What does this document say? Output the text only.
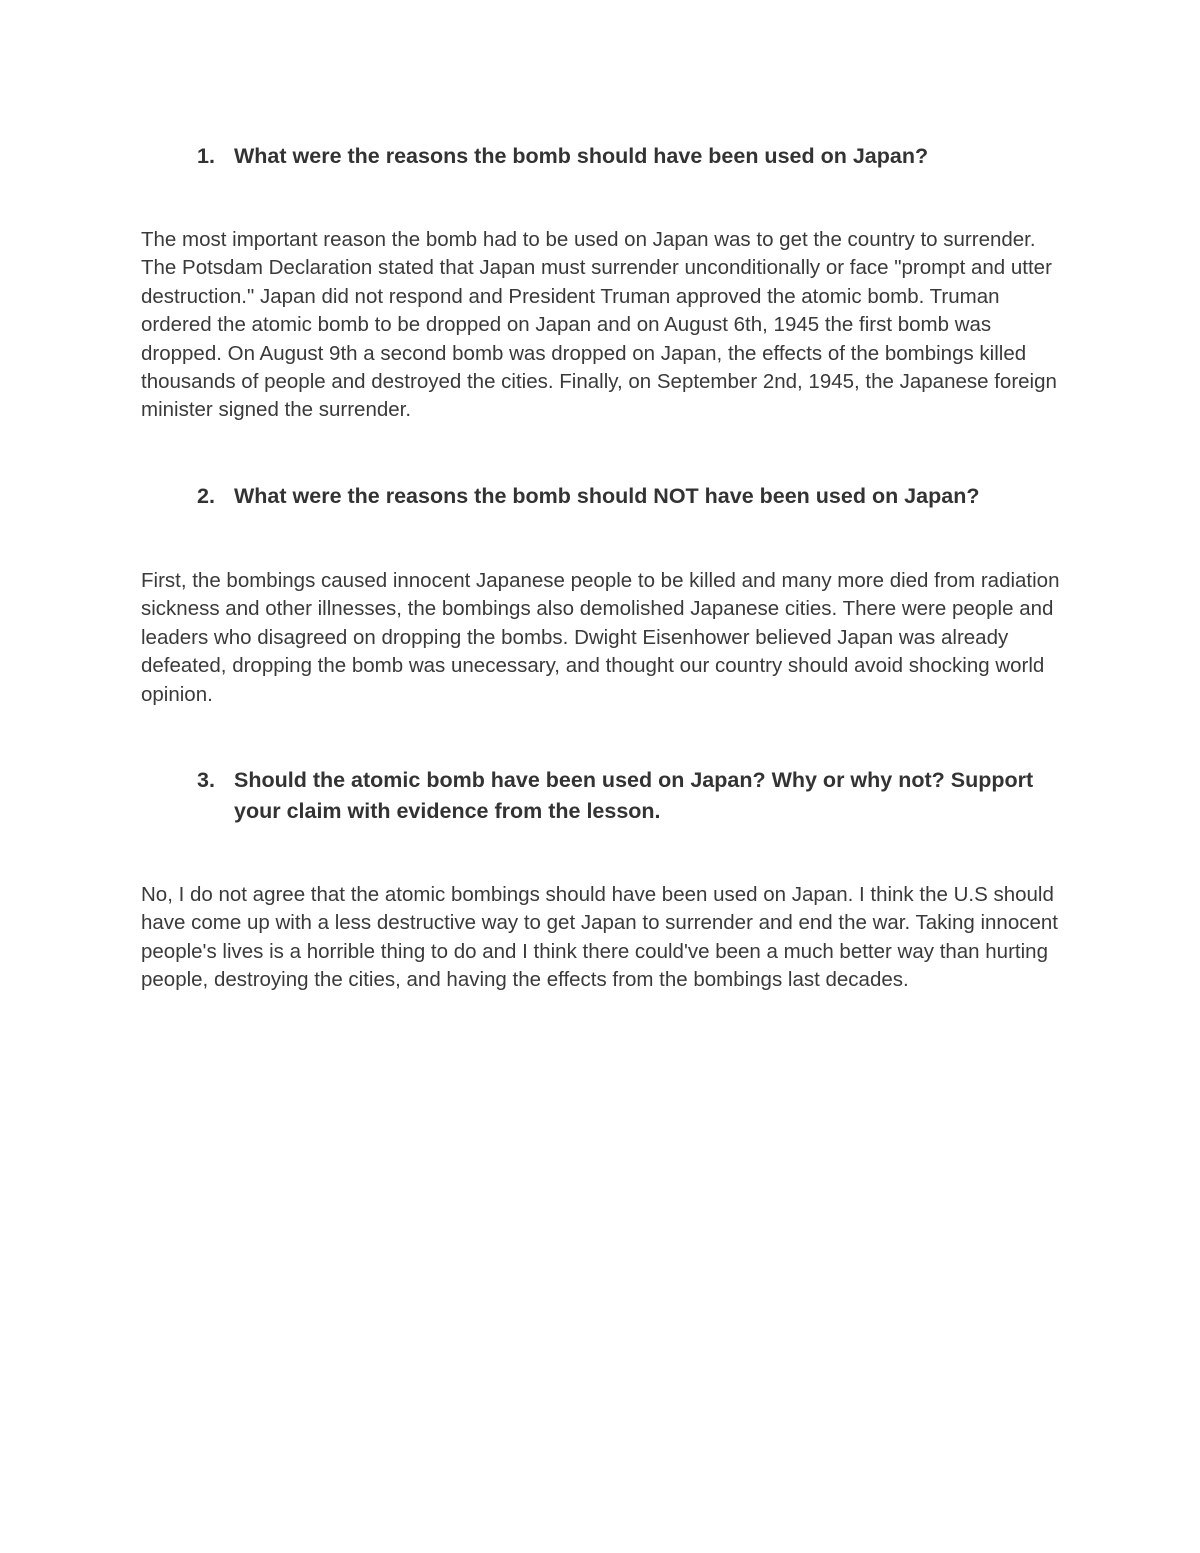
1. What were the reasons the bomb should have been used on Japan?

The most important reason the bomb had to be used on Japan was to get the country to surrender. The Potsdam Declaration stated that Japan must surrender unconditionally or face "prompt and utter destruction." Japan did not respond and President Truman approved the atomic bomb. Truman ordered the atomic bomb to be dropped on Japan and on August 6th, 1945 the first bomb was dropped. On August 9th a second bomb was dropped on Japan, the effects of the bombings killed thousands of people and destroyed the cities. Finally, on September 2nd, 1945, the Japanese foreign minister signed the surrender.

2. What were the reasons the bomb should NOT have been used on Japan?

First, the bombings caused innocent Japanese people to be killed and many more died from radiation sickness and other illnesses, the bombings also demolished Japanese cities. There were people and leaders who disagreed on dropping the bombs. Dwight Eisenhower believed Japan was already defeated, dropping the bomb was unecessary, and thought our country should avoid shocking world opinion.

3. Should the atomic bomb have been used on Japan? Why or why not? Support your claim with evidence from the lesson.

No, I do not agree that the atomic bombings should have been used on Japan. I think the U.S should have come up with a less destructive way to get Japan to surrender and end the war. Taking innocent people's lives is a horrible thing to do and I think there could've been a much better way than hurting people, destroying the cities, and having the effects from the bombings last decades.
